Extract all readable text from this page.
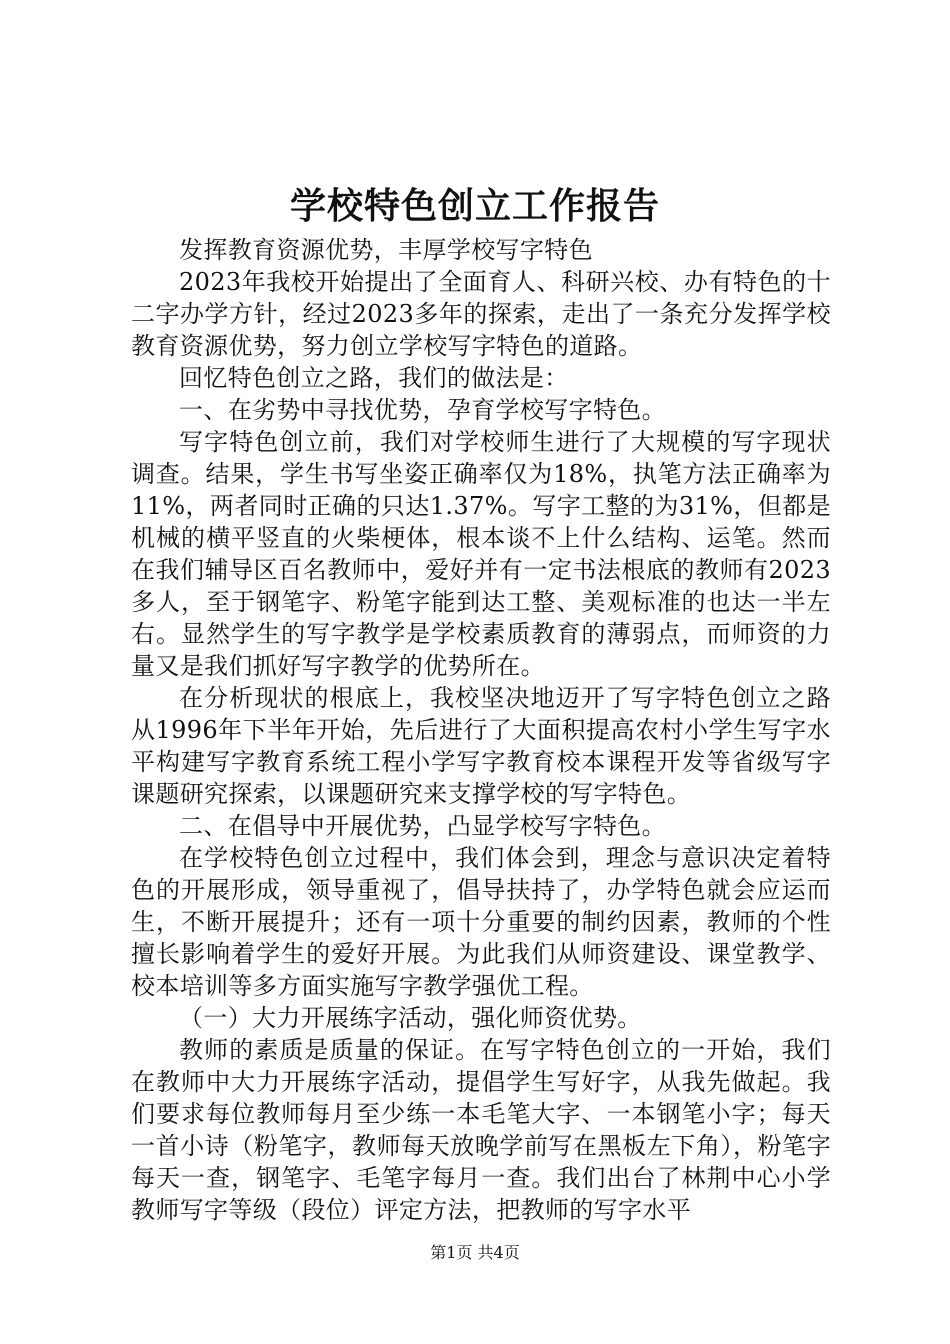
学校特色创立工作报告

发挥教育资源优势，丰厚学校写字特色

2023年我校开始提出了全面育人、科研兴校、办有特色的十二字办学方针，经过2023多年的探索，走出了一条充分发挥学校教育资源优势，努力创立学校写字特色的道路。

回忆特色创立之路，我们的做法是：

一、在劣势中寻找优势，孕育学校写字特色。

写字特色创立前，我们对学校师生进行了大规模的写字现状调查。结果，学生书写坐姿正确率仅为18%，执笔方法正确率为11%，两者同时正确的只达1.37%。写字工整的为31%，但都是机械的横平竖直的火柴梗体，根本谈不上什么结构、运笔。然而在我们辅导区百名教师中，爱好并有一定书法根底的教师有2023多人，至于钢笔字、粉笔字能到达工整、美观标准的也达一半左右。显然学生的写字教学是学校素质教育的薄弱点，而师资的力量又是我们抓好写字教学的优势所在。

在分析现状的根底上，我校坚决地迈开了写字特色创立之路从1996年下半年开始，先后进行了大面积提高农村小学生写字水平构建写字教育系统工程小学写字教育校本课程开发等省级写字课题研究探索，以课题研究来支撑学校的写字特色。

二、在倡导中开展优势，凸显学校写字特色。

在学校特色创立过程中，我们体会到，理念与意识决定着特色的开展形成，领导重视了，倡导扶持了，办学特色就会应运而生，不断开展提升；还有一项十分重要的制约因素，教师的个性擅长影响着学生的爱好开展。为此我们从师资建设、课堂教学、校本培训等多方面实施写字教学强优工程。

（一）大力开展练字活动，强化师资优势。

教师的素质是质量的保证。在写字特色创立的一开始，我们在教师中大力开展练字活动，提倡学生写好字，从我先做起。我们要求每位教师每月至少练一本毛笔大字、一本钢笔小字；每天一首小诗（粉笔字，教师每天放晚学前写在黑板左下角），粉笔字每天一查，钢笔字、毛笔字每月一查。我们出台了林荆中心小学教师写字等级（段位）评定方法，把教师的写字水平

第1页 共4页
